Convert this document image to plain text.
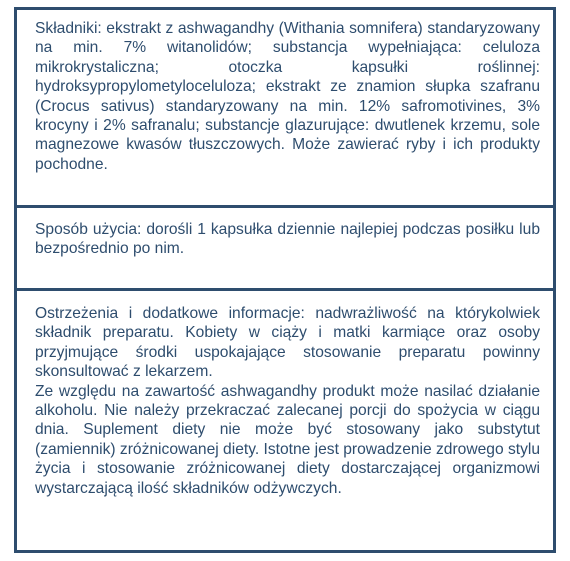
Składniki: ekstrakt z ashwagandhy (Withania somnifera) standaryzowany na min. 7% witanolidów; substancja wypełniająca: celuloza mikrokrystaliczna; otoczka kapsułki roślinnej: hydroksypropylometyloceluloza; ekstrakt ze znamion słupka szafranu (Crocus sativus) standaryzowany na min. 12% safromotivines, 3% krocyny i 2% safranalu; substancje glazurujące: dwutlenek krzemu, sole magnezowe kwasów tłuszczowych. Może zawierać ryby i ich produkty pochodne.

Sposób użycia: dorośli 1 kapsułka dziennie najlepiej podczas posiłku lub bezpośrednio po nim.

Ostrzeżenia i dodatkowe informacje: nadwrażliwość na którykolwiek składnik preparatu. Kobiety w ciąży i matki karmiące oraz osoby przyjmujące środki uspokajające stosowanie preparatu powinny skonsultować z lekarzem.

Ze względu na zawartość ashwagandhy produkt może nasilać działanie alkoholu. Nie należy przekraczać zalecanej porcji do spożycia w ciągu dnia. Suplement diety nie może być stosowany jako substytut (zamiennik) zróżnicowanej diety. Istotne jest prowadzenie zdrowego stylu życia i stosowanie zróżnicowanej diety dostarczającej organizmowi wystarczającą ilość składników odżywczych.
